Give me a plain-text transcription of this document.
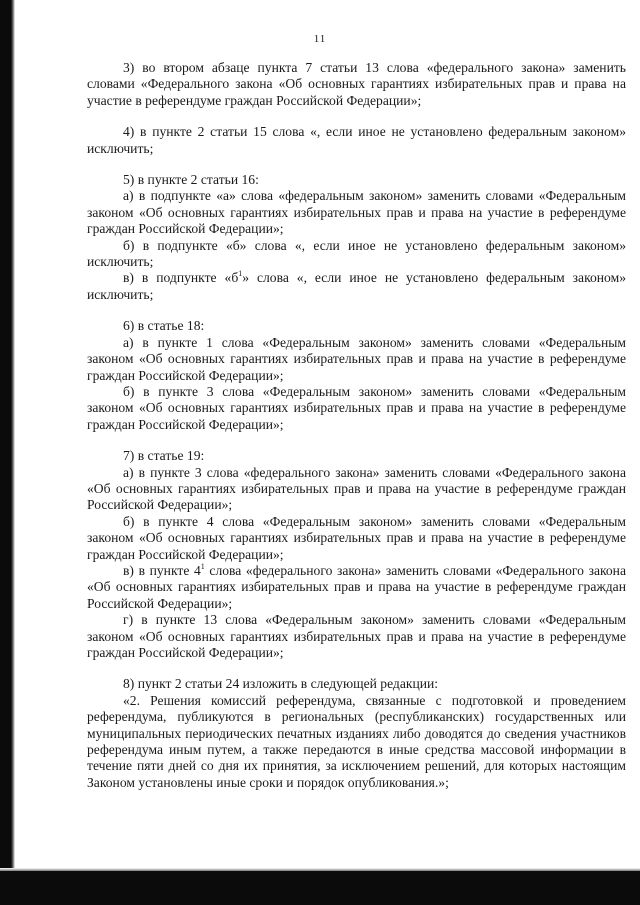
11

3) во втором абзаце пункта 7 статьи 13 слова «федерального закона» заменить словами «Федерального закона «Об основных гарантиях избирательных прав и права на участие в референдуме граждан Российской Федерации»;

4) в пункте 2 статьи 15 слова «, если иное не установлено федеральным законом» исключить;

5) в пункте 2 статьи 16:

а) в подпункте «а» слова «федеральным законом» заменить словами «Федеральным законом «Об основных гарантиях избирательных прав и права на участие в референдуме граждан Российской Федерации»;

б) в подпункте «б» слова «, если иное не установлено федеральным законом» исключить;

в) в подпункте «$б^1$» слова «, если иное не установлено федеральным законом» исключить;

6) в статье 18:

а) в пункте 1 слова «Федеральным законом» заменить словами «Федеральным законом «Об основных гарантиях избирательных прав и права на участие в референдуме граждан Российской Федерации»;

б) в пункте 3 слова «Федеральным законом» заменить словами «Федеральным законом «Об основных гарантиях избирательных прав и права на участие в референдуме граждан Российской Федерации»;

7) в статье 19:

а) в пункте 3 слова «федерального закона» заменить словами «Федерального закона «Об основных гарантиях избирательных прав и права на участие в референдуме граждан Российской Федерации»;

б) в пункте 4 слова «Федеральным законом» заменить словами «Федеральным законом «Об основных гарантиях избирательных прав и права на участие в референдуме граждан Российской Федерации»;

в) в пункте $4^1$ слова «федерального закона» заменить словами «Федерального закона «Об основных гарантиях избирательных прав и права на участие в референдуме граждан Российской Федерации»;

г) в пункте 13 слова «Федеральным законом» заменить словами «Федеральным законом «Об основных гарантиях избирательных прав и права на участие в референдуме граждан Российской Федерации»;

8) пункт 2 статьи 24 изложить в следующей редакции:

«2. Решения комиссий референдума, связанные с подготовкой и проведением референдума, публикуются в региональных (республиканских) государственных или муниципальных периодических печатных изданиях либо доводятся до сведения участников референдума иным путем, а также передаются в иные средства массовой информации в течение пяти дней со дня их принятия, за исключением решений, для которых настоящим Законом установлены иные сроки и порядок опубликования.»;
